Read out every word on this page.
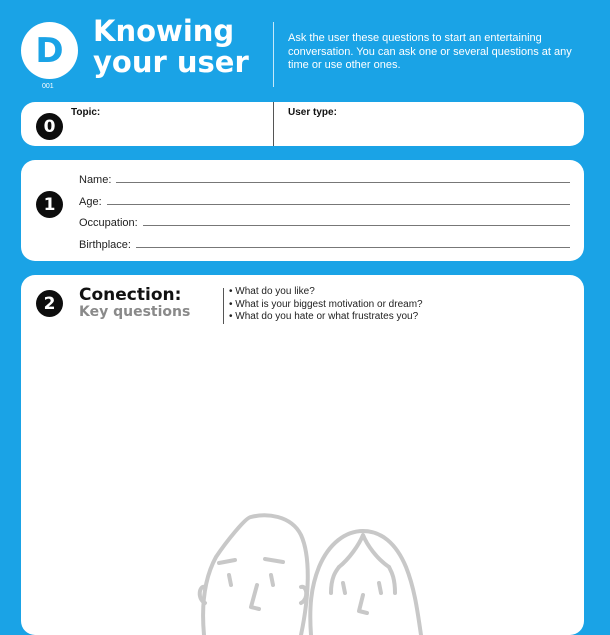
D
001
Knowing
your user
Ask the user these questions to start an entertaining conversation. You can ask one or several questions at any time or use other ones.
0
Topic:	User type:
1
Name:
Age:
Occupation:
Birthplace:
2	Conection:
Key questions
• What do you like?
• What is your biggest motivation or dream?
• What do you hate or what frustrates you?
